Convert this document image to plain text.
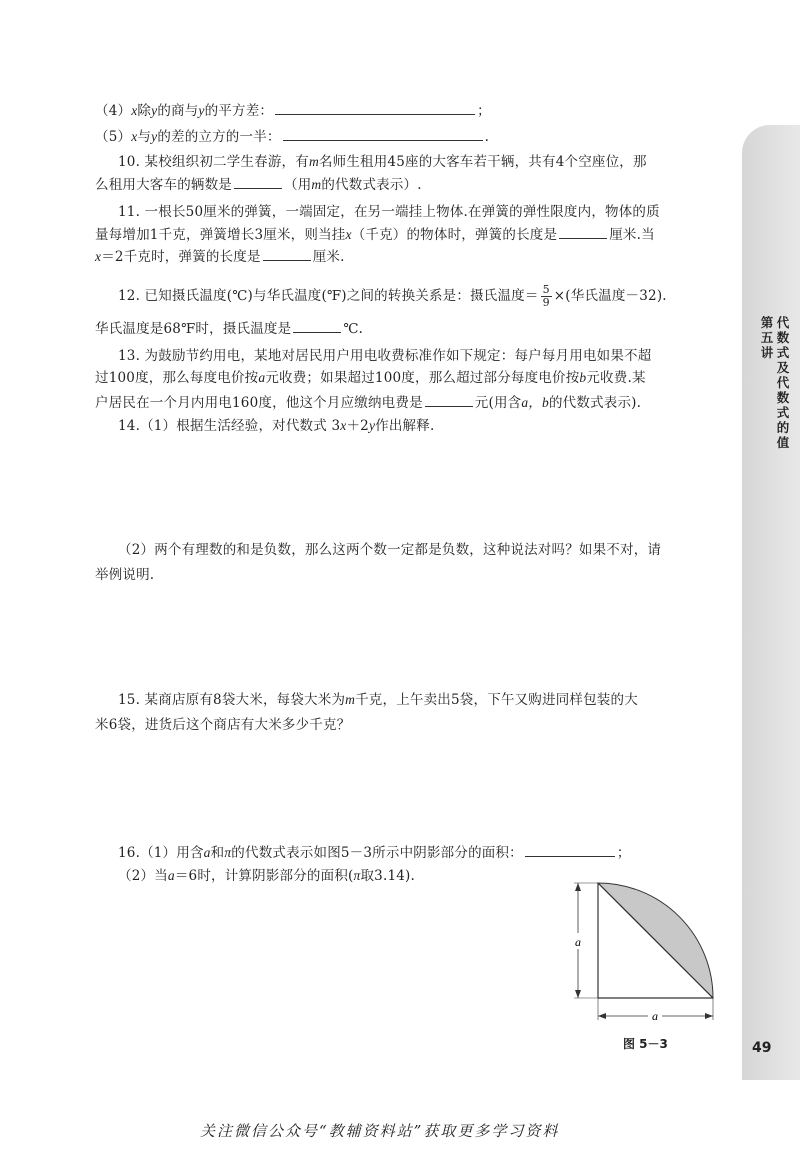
第五讲
代数式及代数式的值
（4）x除y的商与y的平方差：	；
（5）x与y的差的立方的一半：	.
10. 某校组织初二学生春游，有m名师生租用45座的大客车若干辆，共有4个空座位，那
么租用大客车的辆数是	（用m的代数式表示）.
11. 一根长50厘米的弹簧，一端固定，在另一端挂上物体.在弹簧的弹性限度内，物体的质
量每增加1千克，弹簧增长3厘米，则当挂x（千克）的物体时，弹簧的长度是	厘米.当
x＝2千克时，弹簧的长度是	厘米.
12. 已知摄氏温度(℃)与华氏温度(℉)之间的转换关系是：摄氏温度＝ $\frac{5}{9}$ ×(华氏温度－32).
华氏温度是68℉时，摄氏温度是	℃.
13. 为鼓励节约用电，某地对居民用户用电收费标准作如下规定：每户每月用电如果不超
过100度，那么每度电价按a元收费；如果超过100度，那么超过部分每度电价按b元收费.某
户居民在一个月内用电160度，他这个月应缴纳电费是	元(用含a，b的代数式表示).
14.（1）根据生活经验，对代数式 3x＋2y作出解释.
（2）两个有理数的和是负数，那么这两个数一定都是负数，这种说法对吗？如果不对，请
举例说明.
15. 某商店原有8袋大米，每袋大米为m千克，上午卖出5袋，下午又购进同样包装的大
米6袋，进货后这个商店有大米多少千克？
16.（1）用含a和π的代数式表示如图5－3所示中阴影部分的面积：	；
（2）当a＝6时，计算阴影部分的面积(π取3.14).
a
a
图 5－3	49
关注微信公众号“教辅资料站”获取更多学习资料
